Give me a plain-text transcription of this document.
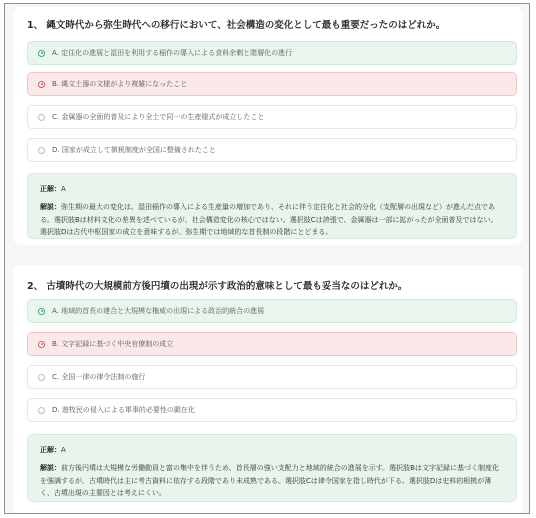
1、 縄文時代から弥生時代への移行において、社会構造の変化として最も重要だったのはどれか。

A. 定住化の進展と湿田を利用する稲作の導入による食料余剰と階層化の進行
B. 縄文土器の文様がより複雑になったこと
C. 金属器の全面的普及により全土で同一の生産様式が成立したこと
D. 国家が成立して徴税制度が全国に整備されたこと

正解：A

解説：弥生期の最大の変化は、湿田稲作の導入による生産量の増加であり、それに伴う定住化と社会的分化（支配層の出現など）が進んだ点である。選択肢Bは材料文化の差異を述べているが、社会構造変化の核心ではない。選択肢Cは誇張で、金属器は一部に拡がったが全面普及ではない。選択肢Dは古代中枢国家の成立を意味するが、弥生期では地域的な首長制の段階にとどまる。

2、 古墳時代の大規模前方後円墳の出現が示す政治的意味として最も妥当なのはどれか。

A. 地域的首長の連合と大規模な権威の出現による政治的統合の進展
B. 文字記録に基づく中央官僚制の成立
C. 全国一律の律令法制の施行
D. 遊牧民の侵入による軍事的必要性の顕在化

正解：A

解説：前方後円墳は大規模な労働動員と富の集中を伴うため、首長層の強い支配力と地域的統合の進展を示す。選択肢Bは文字記録に基づく制度化を強調するが、古墳時代は主に考古資料に依存する段階であり未成熟である。選択肢Cは律令国家を指し時代が下る。選択肢Dは史料的根拠が薄く、古墳出現の主要因とは考えにくい。
